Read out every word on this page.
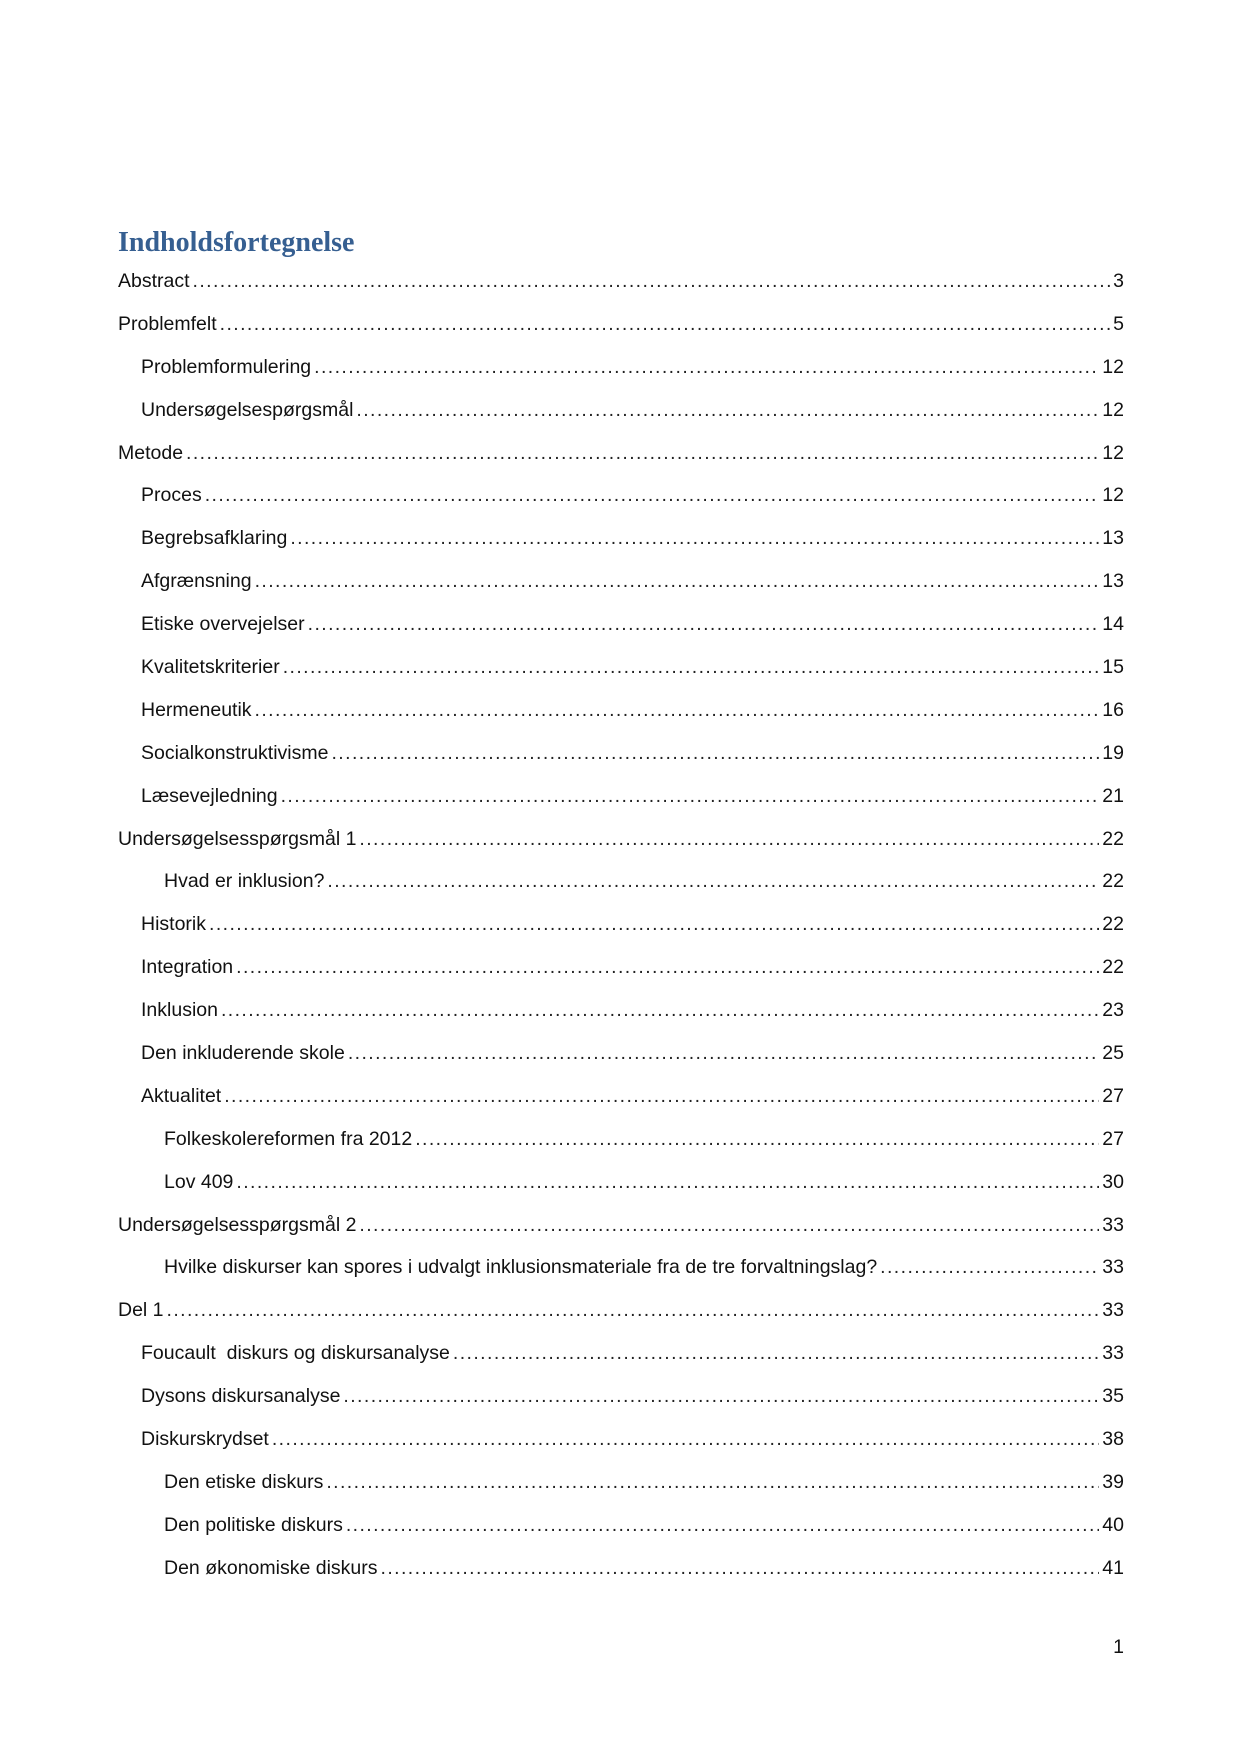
Indholdsfortegnelse
Abstract .....	3
Problemfelt .....	5
Problemformulering .....	12
Undersøgelsespørgsmål .....	12
Metode .....	12
Proces .....	12
Begrebsafklaring .....	13
Afgrænsning .....	13
Etiske overvejelser .....	14
Kvalitetskriterier .....	15
Hermeneutik .....	16
Socialkonstruktivisme .....	19
Læsevejledning .....	21
Undersøgelsesspørgsmål 1 .....	22
Hvad er inklusion? .....	22
Historik .....	22
Integration .....	22
Inklusion .....	23
Den inkluderende skole .....	25
Aktualitet .....	27
Folkeskolereformen fra 2012 .....	27
Lov 409 .....	30
Undersøgelsesspørgsmål 2 .....	33
Hvilke diskurser kan spores i udvalgt inklusionsmateriale fra de tre forvaltningslag? .....	33
Del 1 .....	33
Foucault  diskurs og diskursanalyse .....	33
Dysons diskursanalyse .....	35
Diskurskrydset .....	38
Den etiske diskurs .....	39
Den politiske diskurs .....	40
Den økonomiske diskurs .....	41
1
